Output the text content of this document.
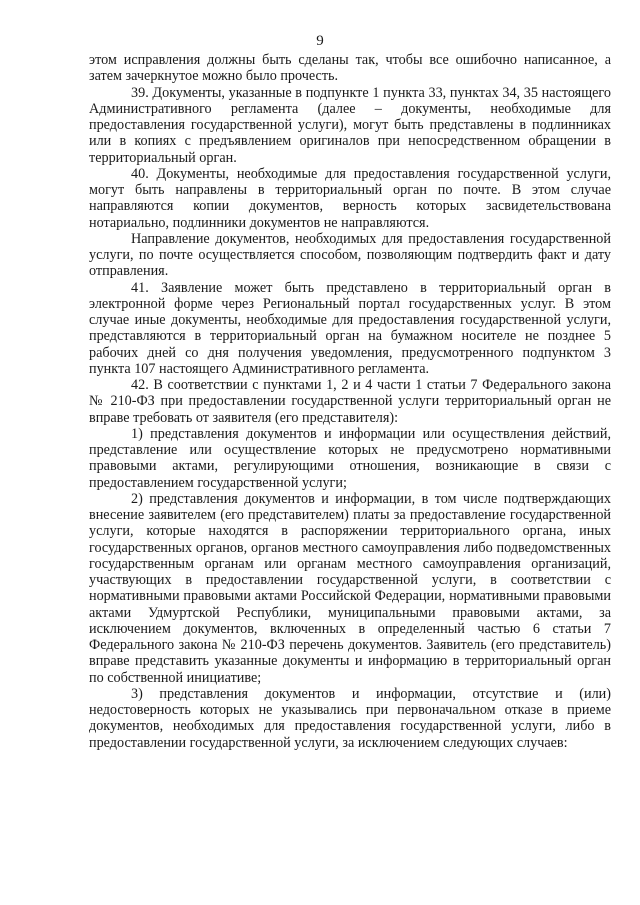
9

этом исправления должны быть сделаны так, чтобы все ошибочно написанное, а затем зачеркнутое можно было прочесть.

39. Документы, указанные в подпункте 1 пункта 33, пунктах 34, 35 настоящего Административного регламента (далее – документы, необходимые для предоставления государственной услуги), могут быть представлены в подлинниках или в копиях с предъявлением оригиналов при непосредственном обращении в территориальный орган.

40. Документы, необходимые для предоставления государственной услуги, могут быть направлены в территориальный орган по почте. В этом случае направляются копии документов, верность которых засвидетельствована нотариально, подлинники документов не направляются.

Направление документов, необходимых для предоставления государственной услуги, по почте осуществляется способом, позволяющим подтвердить факт и дату отправления.

41. Заявление может быть представлено в территориальный орган в электронной форме через Региональный портал государственных услуг. В этом случае иные документы, необходимые для предоставления государственной услуги, представляются в территориальный орган на бумажном носителе не позднее 5 рабочих дней со дня получения уведомления, предусмотренного подпунктом 3 пункта 107 настоящего Административного регламента.

42. В соответствии с пунктами 1, 2 и 4 части 1 статьи 7 Федерального закона № 210-ФЗ при предоставлении государственной услуги территориальный орган не вправе требовать от заявителя (его представителя):

1) представления документов и информации или осуществления действий, представление или осуществление которых не предусмотрено нормативными правовыми актами, регулирующими отношения, возникающие в связи с предоставлением государственной услуги;

2) представления документов и информации, в том числе подтверждающих внесение заявителем (его представителем) платы за предоставление государственной услуги, которые находятся в распоряжении территориального органа, иных государственных органов, органов местного самоуправления либо подведомственных государственным органам или органам местного самоуправления организаций, участвующих в предоставлении государственной услуги, в соответствии с нормативными правовыми актами Российской Федерации, нормативными правовыми актами Удмуртской Республики, муниципальными правовыми актами, за исключением документов, включенных в определенный частью 6 статьи 7 Федерального закона № 210-ФЗ перечень документов. Заявитель (его представитель) вправе представить указанные документы и информацию в территориальный орган по собственной инициативе;

3) представления документов и информации, отсутствие и (или) недостоверность которых не указывались при первоначальном отказе в приеме документов, необходимых для предоставления государственной услуги, либо в предоставлении государственной услуги, за исключением следующих случаев:
